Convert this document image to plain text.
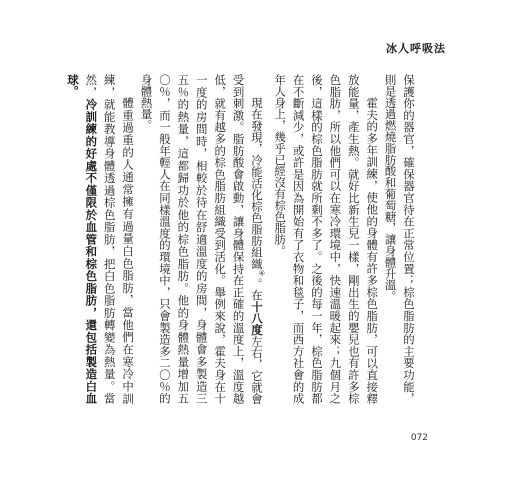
冰人呼吸法

保護你的器官，確保器官待在正常位置；棕色脂肪的主要功能，則是透過燃燒脂肪酸和葡萄糖，讓身體升溫。

霍夫的多年訓練，使他的身體有許多棕色脂肪，可以直接釋放能量，產生熱。就好比新生兒一樣，剛出生的嬰兒也有許多棕色脂肪，所以他們可以在寒冷環境中，快速溫暖起來；九個月之後，這樣的棕色脂肪就所剩不多了。之後的每一年，棕色脂肪都在不斷減少，或許是因為開始有了衣物和毯子，而西方社會的成年人身上，幾乎已經沒有棕色脂肪。

現在發現，冷能活化棕色脂肪組織④。在十八度左右，它就會受到刺激。脂肪酸會啟動，讓身體保持在正確的溫度上，溫度越低，就有越多的棕色脂肪組織受到活化。舉例來說，霍夫身在十一度的房間時，相較於待在舒適溫度的房間，身體會多製造三五％的熱量，這都歸功於他的棕色脂肪。他的身體熱量增加五〇％，而一般年輕人在同樣溫度的環境中，只會製造多二〇％的身體熱量。

體重過重的人通常擁有過量白色脂肪，當他們在寒冷中訓練，就能教導身體透過棕色脂肪，把白色脂肪轉變為熱量。當然，冷訓練的好處不僅限於血管和棕色脂肪，還包括製造白血球。

072
